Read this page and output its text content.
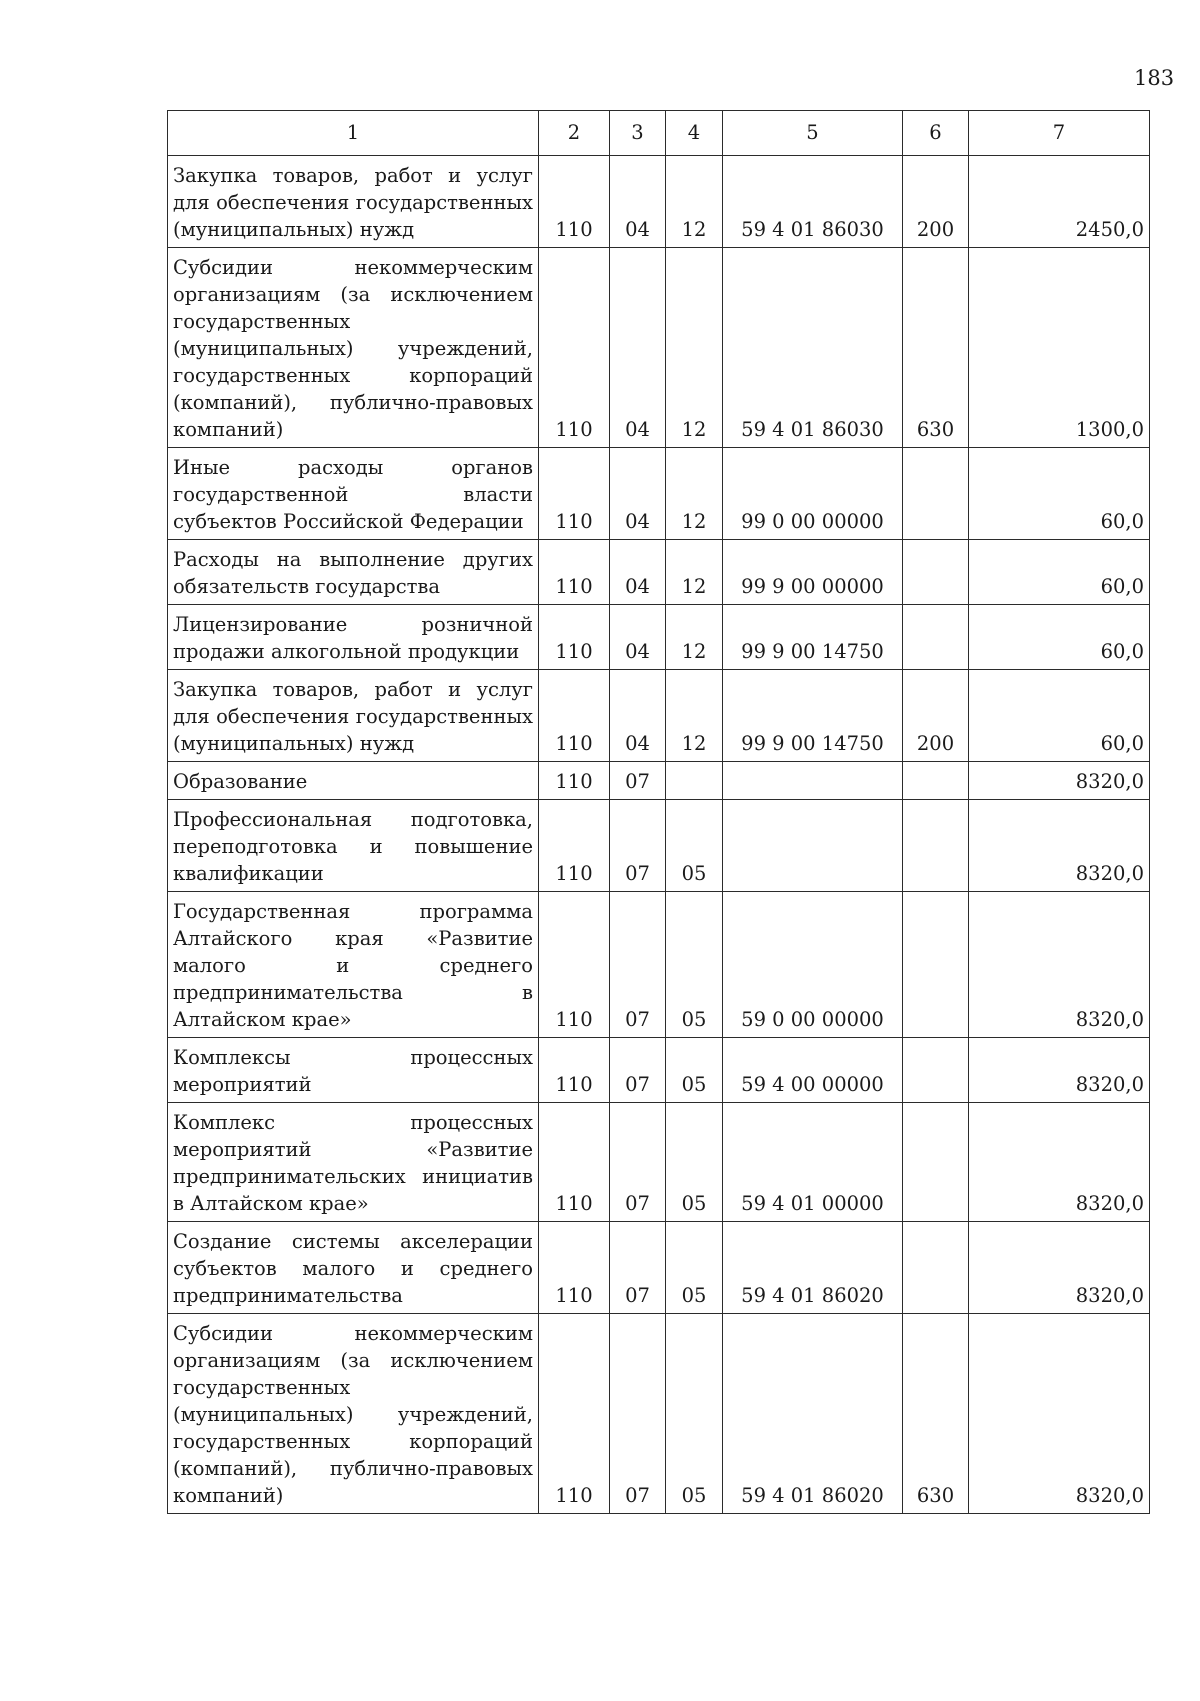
183
1	2	3	4	5	6	7
Закупка товаров, работ и услуг для обеспечения государственных (муниципальных) нужд	110	04	12	59 4 01 86030	200	2450,0
Субсидии некоммерческим организациям (за исключением государственных (муниципальных) учреждений, государственных корпораций (компаний), публично-правовых компаний)	110	04	12	59 4 01 86030	630	1300,0
Иные расходы органов государственной власти субъектов Российской Федерации	110	04	12	99 0 00 00000		60,0
Расходы на выполнение других обязательств государства	110	04	12	99 9 00 00000		60,0
Лицензирование розничной продажи алкогольной продукции	110	04	12	99 9 00 14750		60,0
Закупка товаров, работ и услуг для обеспечения государственных (муниципальных) нужд	110	04	12	99 9 00 14750	200	60,0
Образование	110	07				8320,0
Профессиональная подготовка, переподготовка и повышение квалификации	110	07	05			8320,0
Государственная программа Алтайского края «Развитие малого и среднего предпринимательства в Алтайском крае»	110	07	05	59 0 00 00000		8320,0
Комплексы процессных мероприятий	110	07	05	59 4 00 00000		8320,0
Комплекс процессных мероприятий «Развитие предпринимательских инициатив в Алтайском крае»	110	07	05	59 4 01 00000		8320,0
Создание системы акселерации субъектов малого и среднего предпринимательства	110	07	05	59 4 01 86020		8320,0
Субсидии некоммерческим организациям (за исключением государственных (муниципальных) учреждений, государственных корпораций (компаний), публично-правовых компаний)	110	07	05	59 4 01 86020	630	8320,0
